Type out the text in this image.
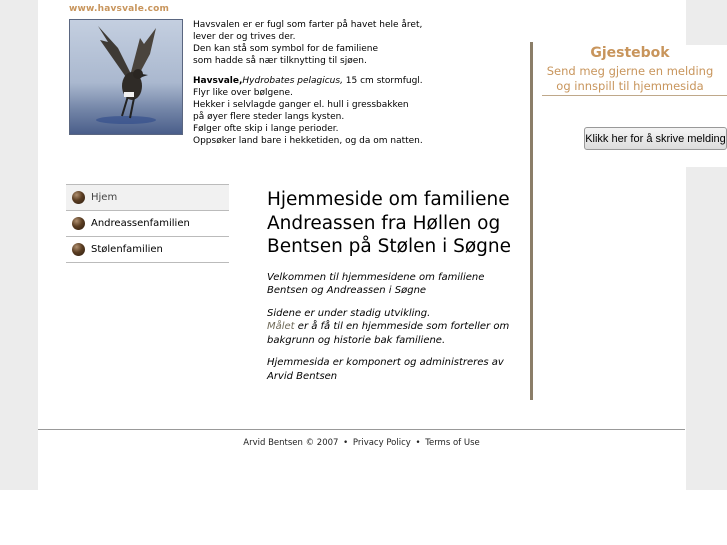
www.havsvale.com

Havsvalen er er fugl som farter på havet hele året,
lever der og trives der.
Den kan stå som symbol for de familiene
som hadde så nær tilknytting til sjøen.

Havsvale,Hydrobates pelagicus, 15 cm stormfugl.
Flyr like over bølgene.
Hekker i selvlagde ganger el. hull i gressbakken
på øyer flere steder langs kysten.
Følger ofte skip i lange perioder.
Oppsøker land bare i hekketiden, og da om natten.

Hjem
Andreassenfamilien
Stølenfamilien
Hjemmeside om familiene Andreassen fra Høllen og Bentsen på Stølen i Søgne

Velkommen til hjemmesidene om familiene Bentsen og Andreassen i Søgne

Sidene er under stadig utvikling.
Målet er å få til en hjemmeside som forteller om bakgrunn og historie bak familiene.

Hjemmesida er komponert og administreres av Arvid Bentsen

Gjestebok
Send meg gjerne en melding
og innspill til hjemmesida
Klikk her for å skrive melding
Arvid Bentsen © 2007 • Privacy Policy • Terms of Use
